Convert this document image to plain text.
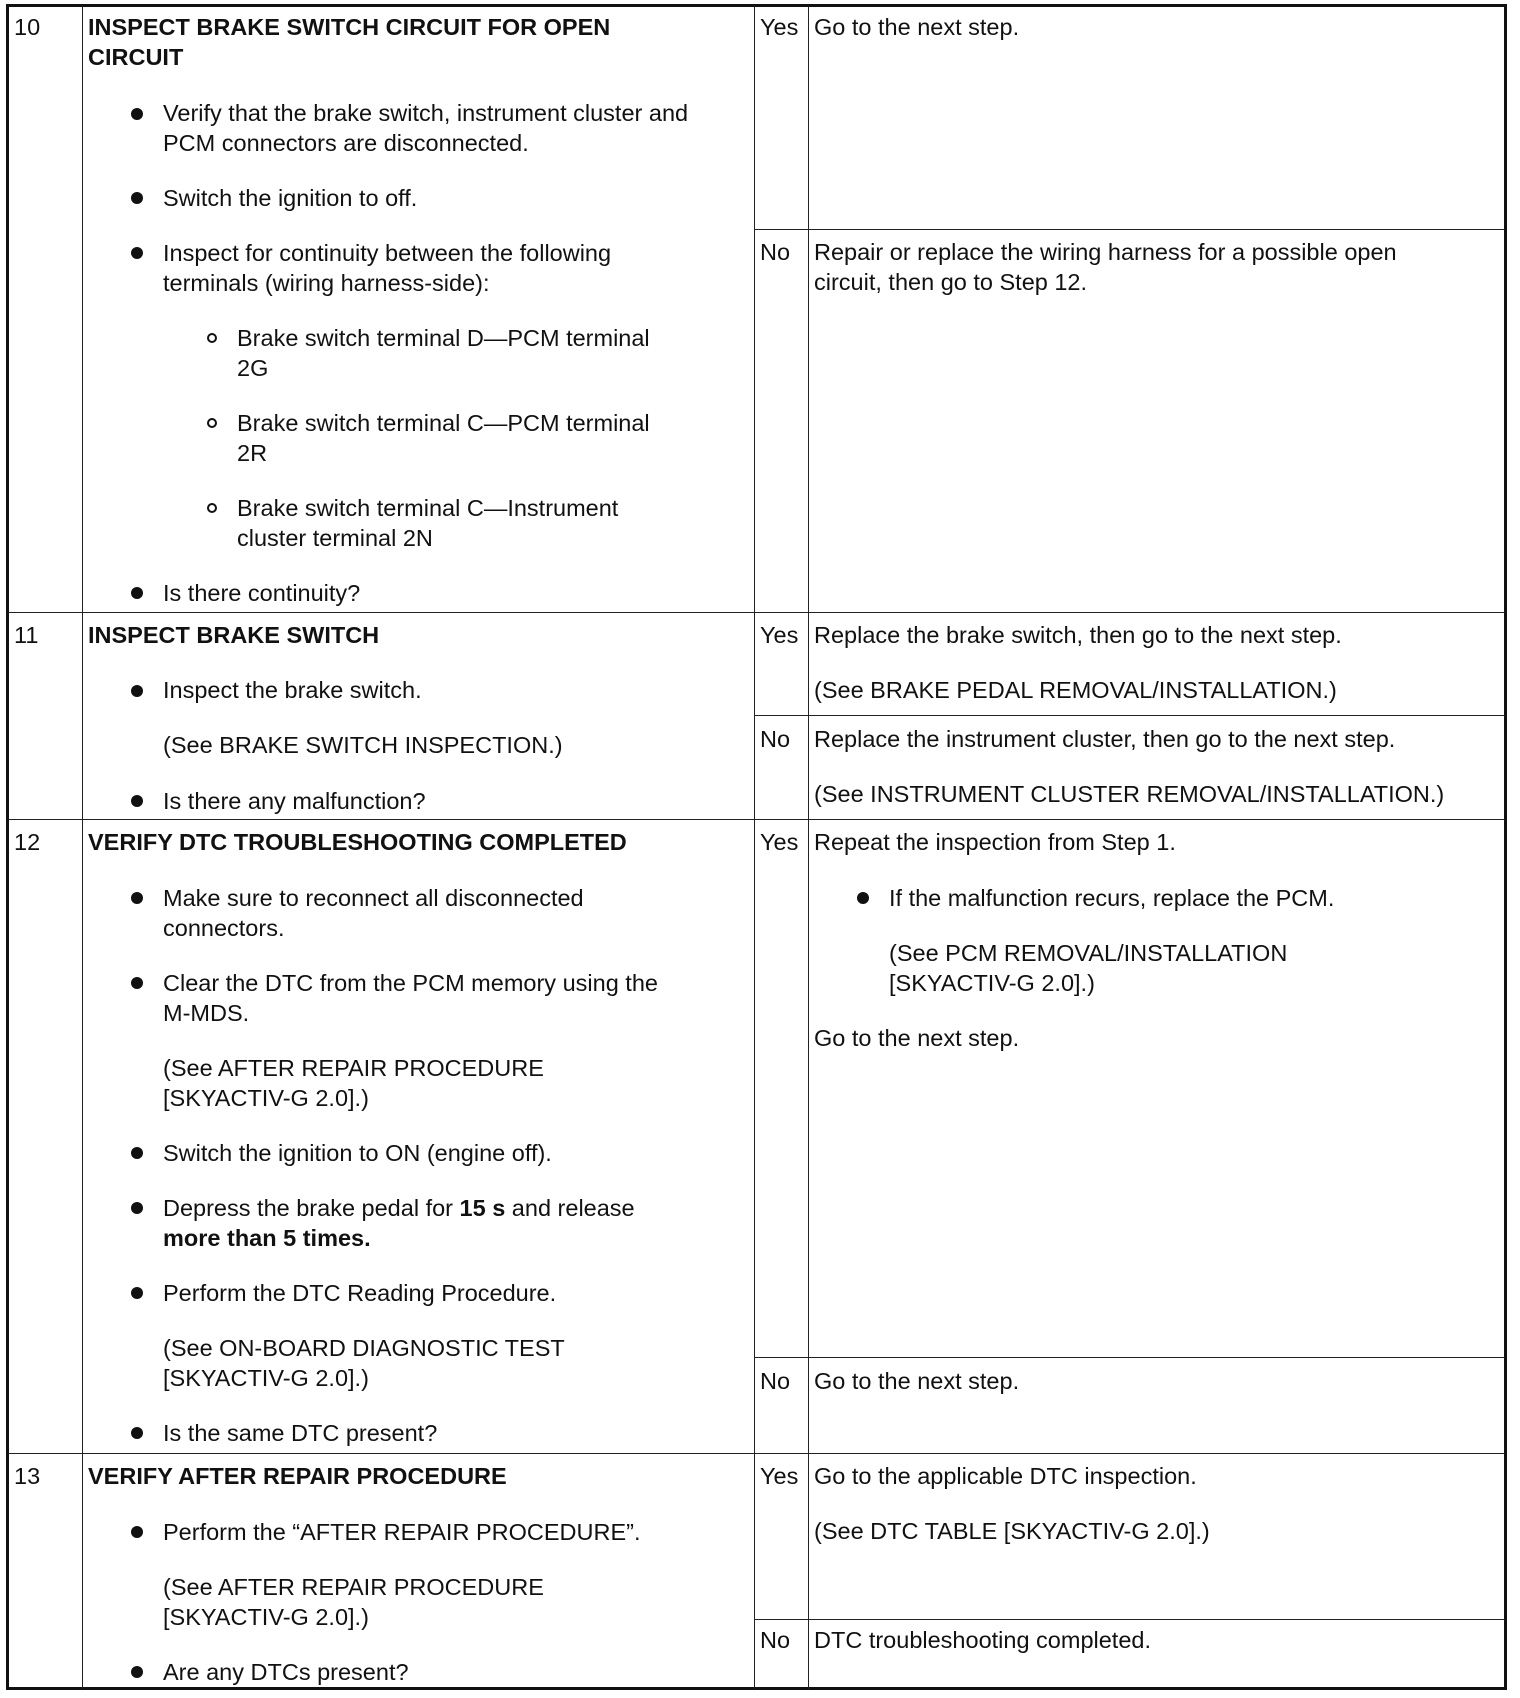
10 INSPECT BRAKE SWITCH CIRCUIT FOR OPEN
CIRCUIT
Verify that the brake switch, instrument cluster and
PCM connectors are disconnected.
Switch the ignition to off.
Inspect for continuity between the following
terminals (wiring harness-side):
Brake switch terminal D—PCM terminal
2G
Brake switch terminal C—PCM terminal
2R
Brake switch terminal C—Instrument
cluster terminal 2N
Is there continuity?
Yes Go to the next step.
No Repair or replace the wiring harness for a possible open
circuit, then go to Step 12.
11 INSPECT BRAKE SWITCH
Inspect the brake switch.
(See BRAKE SWITCH INSPECTION.)
Is there any malfunction?
Yes Replace the brake switch, then go to the next step.
(See BRAKE PEDAL REMOVAL/INSTALLATION.)
No Replace the instrument cluster, then go to the next step.
(See INSTRUMENT CLUSTER REMOVAL/INSTALLATION.)
12 VERIFY DTC TROUBLESHOOTING COMPLETED
Make sure to reconnect all disconnected
connectors.
Clear the DTC from the PCM memory using the
M-MDS.
(See AFTER REPAIR PROCEDURE
[SKYACTIV-G 2.0].)
Switch the ignition to ON (engine off).
Depress the brake pedal for 15 s and release
more than 5 times.
Perform the DTC Reading Procedure.
(See ON-BOARD DIAGNOSTIC TEST
[SKYACTIV-G 2.0].)
Is the same DTC present?
Yes Repeat the inspection from Step 1.
If the malfunction recurs, replace the PCM.
(See PCM REMOVAL/INSTALLATION
[SKYACTIV-G 2.0].)
Go to the next step.
No Go to the next step.
13 VERIFY AFTER REPAIR PROCEDURE
Perform the “AFTER REPAIR PROCEDURE”.
(See AFTER REPAIR PROCEDURE
[SKYACTIV-G 2.0].)
Are any DTCs present?
Yes Go to the applicable DTC inspection.
(See DTC TABLE [SKYACTIV-G 2.0].)
No DTC troubleshooting completed.
